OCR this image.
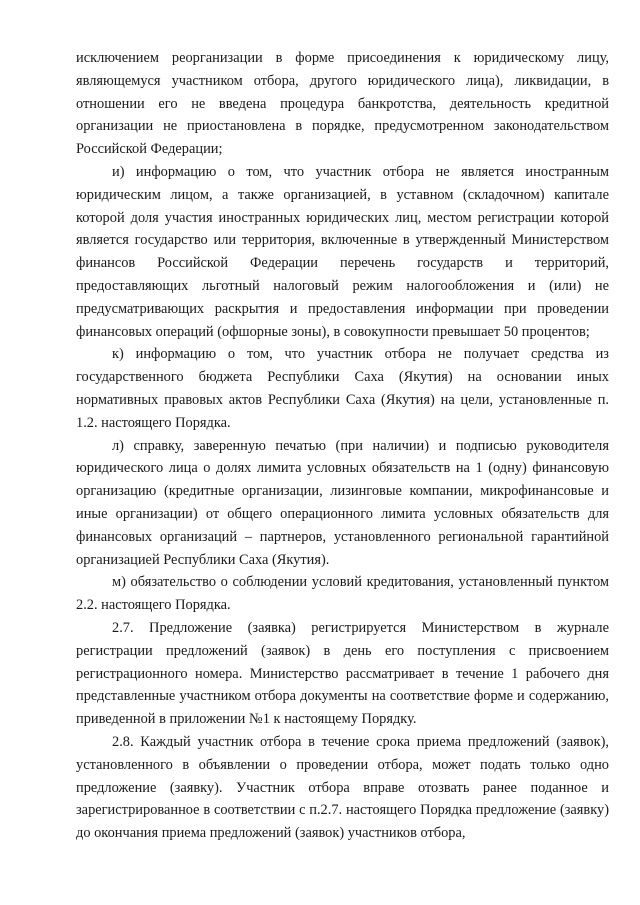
исключением реорганизации в форме присоединения к юридическому лицу, являющемуся участником отбора, другого юридического лица), ликвидации, в отношении его не введена процедура банкротства, деятельность кредитной организации не приостановлена в порядке, предусмотренном законодательством Российской Федерации;

и) информацию о том, что участник отбора не является иностранным юридическим лицом, а также организацией, в уставном (складочном) капитале которой доля участия иностранных юридических лиц, местом регистрации которой является государство или территория, включенные в утвержденный Министерством финансов Российской Федерации перечень государств и территорий, предоставляющих льготный налоговый режим налогообложения и (или) не предусматривающих раскрытия и предоставления информации при проведении финансовых операций (офшорные зоны), в совокупности превышает 50 процентов;

к) информацию о том, что участник отбора не получает средства из государственного бюджета Республики Саха (Якутия) на основании иных нормативных правовых актов Республики Саха (Якутия) на цели, установленные п. 1.2. настоящего Порядка.

л) справку, заверенную печатью (при наличии) и подписью руководителя юридического лица о долях лимита условных обязательств на 1 (одну) финансовую организацию (кредитные организации, лизинговые компании, микрофинансовые и иные организации) от общего операционного лимита условных обязательств для финансовых организаций – партнеров, установленного региональной гарантийной организацией Республики Саха (Якутия).

м) обязательство о соблюдении условий кредитования, установленный пунктом 2.2. настоящего Порядка.

2.7. Предложение (заявка) регистрируется Министерством в журнале регистрации предложений (заявок) в день его поступления с присвоением регистрационного номера. Министерство рассматривает в течение 1 рабочего дня представленные участником отбора документы на соответствие форме и содержанию, приведенной в приложении №1 к настоящему Порядку.

2.8. Каждый участник отбора в течение срока приема предложений (заявок), установленного в объявлении о проведении отбора, может подать только одно предложение (заявку). Участник отбора вправе отозвать ранее поданное и зарегистрированное в соответствии с п.2.7. настоящего Порядка предложение (заявку) до окончания приема предложений (заявок) участников отбора,
